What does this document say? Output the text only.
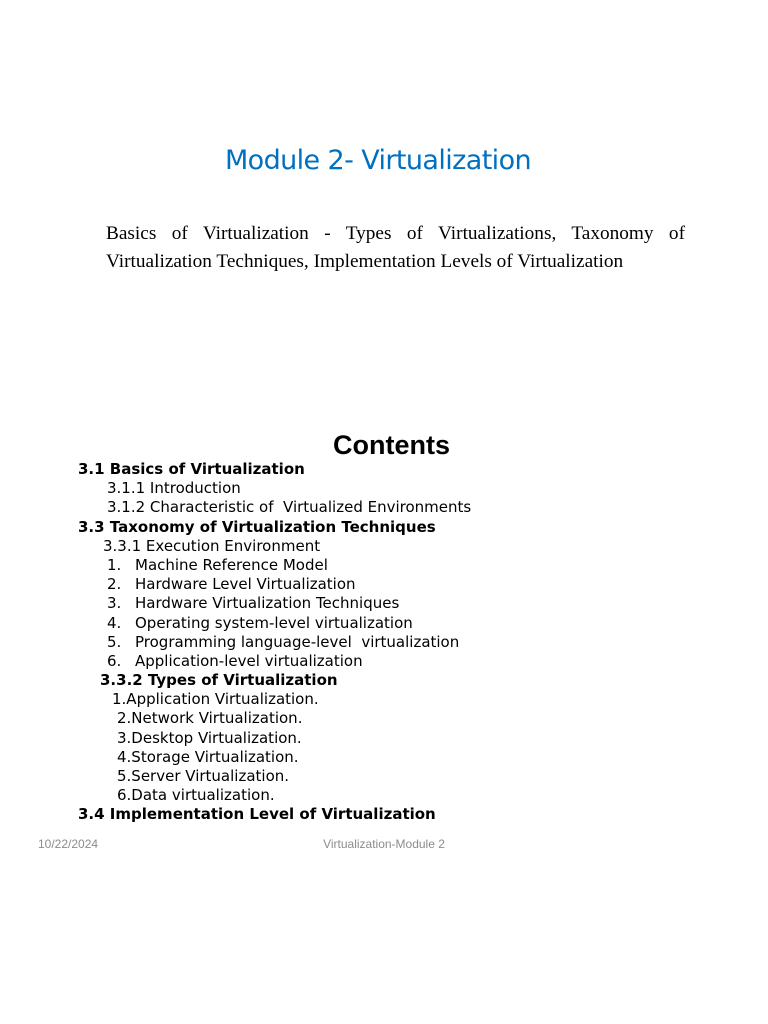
Module 2- Virtualization

Basics of Virtualization - Types of Virtualizations, Taxonomy of Virtualization Techniques, Implementation Levels of Virtualization

Contents
3.1 Basics of Virtualization
3.1.1 Introduction
3.1.2 Characteristic of  Virtualized Environments
3.3 Taxonomy of Virtualization Techniques
3.3.1 Execution Environment
1. Machine Reference Model
2. Hardware Level Virtualization
3. Hardware Virtualization Techniques
4. Operating system-level virtualization
5. Programming language-level  virtualization
6. Application-level virtualization
3.3.2 Types of Virtualization
1.Application Virtualization.
2.Network Virtualization.
3.Desktop Virtualization.
4.Storage Virtualization.
5.Server Virtualization.
6.Data virtualization.
3.4 Implementation Level of Virtualization
10/22/2024	Virtualization-Module 2
